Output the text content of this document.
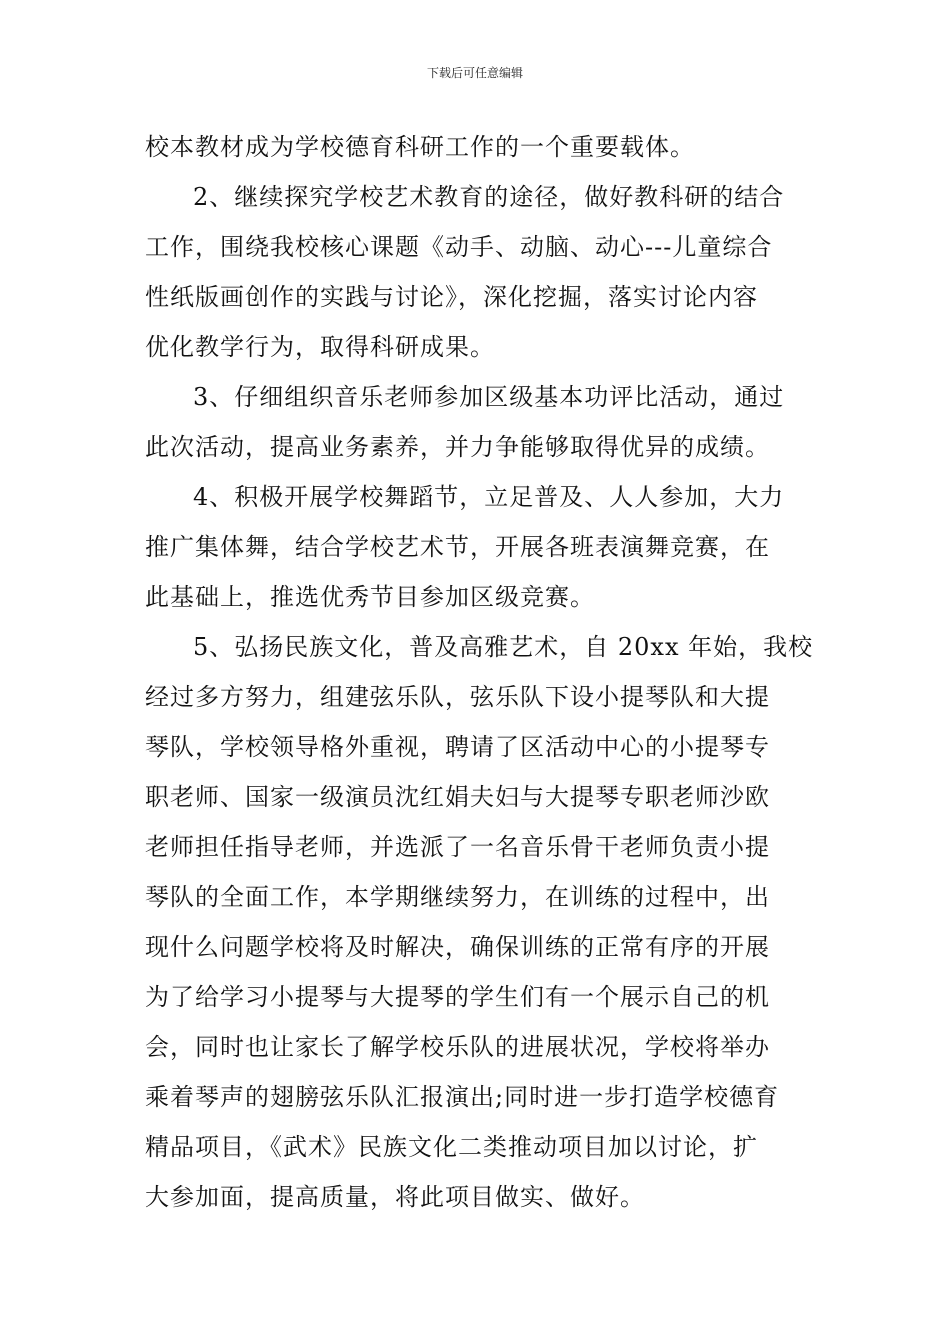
下载后可任意编辑
校本教材成为学校德育科研工作的一个重要载体。
2、继续探究学校艺术教育的途径，做好教科研的结合
工作，围绕我校核心课题《动手、动脑、动心---儿童综合
性纸版画创作的实践与讨论》，深化挖掘，落实讨论内容
优化教学行为，取得科研成果。
3、仔细组织音乐老师参加区级基本功评比活动，通过
此次活动，提高业务素养，并力争能够取得优异的成绩。
4、积极开展学校舞蹈节，立足普及、人人参加，大力
推广集体舞，结合学校艺术节，开展各班表演舞竞赛，在
此基础上，推选优秀节目参加区级竞赛。
5、弘扬民族文化，普及高雅艺术，自 20xx 年始，我校
经过多方努力，组建弦乐队，弦乐队下设小提琴队和大提
琴队，学校领导格外重视，聘请了区活动中心的小提琴专
职老师、国家一级演员沈红娟夫妇与大提琴专职老师沙欧
老师担任指导老师，并选派了一名音乐骨干老师负责小提
琴队的全面工作，本学期继续努力，在训练的过程中，出
现什么问题学校将及时解决，确保训练的正常有序的开展
为了给学习小提琴与大提琴的学生们有一个展示自己的机
会，同时也让家长了解学校乐队的进展状况，学校将举办
乘着琴声的翅膀弦乐队汇报演出;同时进一步打造学校德育
精品项目，《武术》民族文化二类推动项目加以讨论，扩
大参加面，提高质量，将此项目做实、做好。
